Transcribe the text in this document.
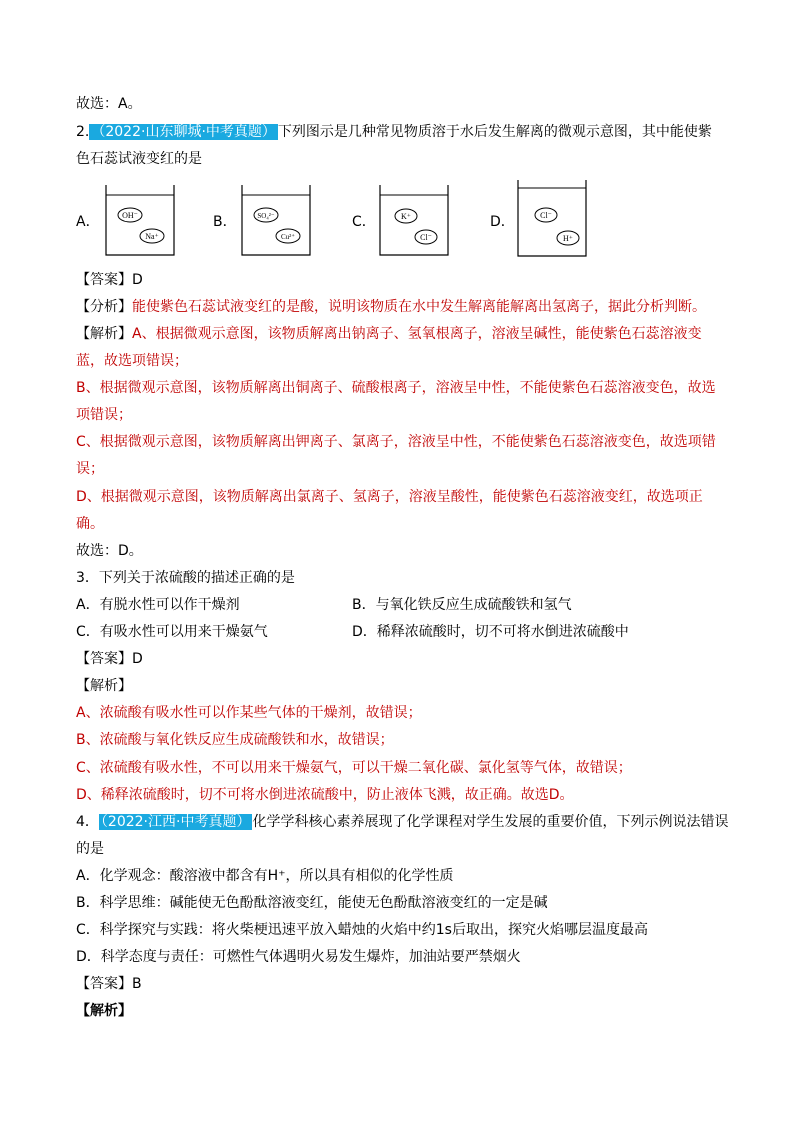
故选：A。
2. （2022·山东聊城·中考真题） 下列图示是几种常见物质溶于水后发生解离的微观示意图，其中能使紫
色石蕊试液变红的是
A．	OH⁻
Na⁺
B．	SO₄²⁻
Cu²⁺
C．	K⁺
Cl⁻
D．	Cl⁻
H⁺
【答案】D
【分析】能使紫色石蕊试液变红的是酸，说明该物质在水中发生解离能解离出氢离子，据此分析判断。
【解析】A、根据微观示意图，该物质解离出钠离子、氢氧根离子，溶液呈碱性，能使紫色石蕊溶液变
蓝，故选项错误；
B、根据微观示意图，该物质解离出铜离子、硫酸根离子，溶液呈中性，不能使紫色石蕊溶液变色，故选
项错误；
C、根据微观示意图，该物质解离出钾离子、氯离子，溶液呈中性，不能使紫色石蕊溶液变色，故选项错
误；
D、根据微观示意图，该物质解离出氯离子、氢离子，溶液呈酸性，能使紫色石蕊溶液变红，故选项正
确。
故选：D。
3．下列关于浓硫酸的描述正确的是
A．有脱水性可以作干燥剂	B．与氧化铁反应生成硫酸铁和氢气
C．有吸水性可以用来干燥氨气	D．稀释浓硫酸时，切不可将水倒进浓硫酸中
【答案】D
【解析】
A、浓硫酸有吸水性可以作某些气体的干燥剂，故错误；
B、浓硫酸与氧化铁反应生成硫酸铁和水，故错误；
C、浓硫酸有吸水性，不可以用来干燥氨气，可以干燥二氧化碳、氯化氢等气体，故错误；
D、稀释浓硫酸时，切不可将水倒进浓硫酸中，防止液体飞溅，故正确。故选D。
4． （2022·江西·中考真题） 化学学科核心素养展现了化学课程对学生发展的重要价值，下列示例说法错误
的是
A．化学观念：酸溶液中都含有H⁺，所以具有相似的化学性质
B．科学思维：碱能使无色酚酞溶液变红，能使无色酚酞溶液变红的一定是碱
C．科学探究与实践：将火柴梗迅速平放入蜡烛的火焰中约1s后取出，探究火焰哪层温度最高
D．科学态度与责任：可燃性气体遇明火易发生爆炸，加油站要严禁烟火
【答案】B
【解析】
